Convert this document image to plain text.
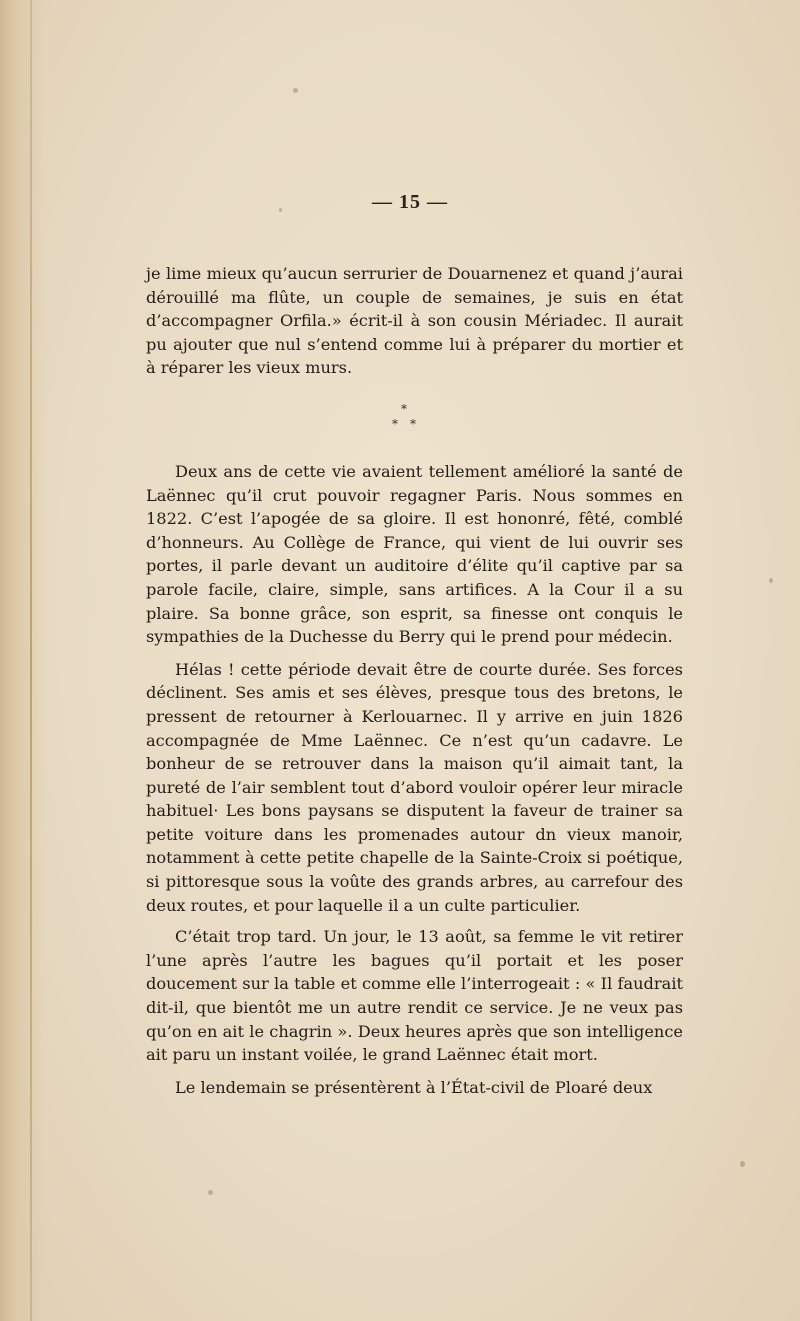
— 15 —

je lime mieux qu’aucun serrurier de Douarnenez et quand j’aurai dérouillé ma flûte, un couple de semaines, je suis en état d’accompagner Orfila.» écrit-il à son cousin Mériadec. Il aurait pu ajouter que nul s’entend comme lui à préparer du mortier et à réparer les vieux murs.

*
* *

Deux ans de cette vie avaient tellement amélioré la santé de Laënnec qu’il crut pouvoir regagner Paris. Nous sommes en 1822. C’est l’apogée de sa gloire. Il est hononré, fêté, comblé d’honneurs. Au Collège de France, qui vient de lui ouvrir ses portes, il parle devant un auditoire d’élite qu’il captive par sa parole facile, claire, simple, sans artifices. A la Cour il a su plaire. Sa bonne grâce, son esprit, sa finesse ont conquis le sympathies de la Duchesse du Berry qui le prend pour médecin.

Hélas ! cette période devait être de courte durée. Ses forces déclinent. Ses amis et ses élèves, presque tous des bretons, le pressent de retourner à Kerlouarnec. Il y arrive en juin 1826 accompagnée de Mme Laënnec. Ce n’est qu’un cadavre. Le bonheur de se retrouver dans la maison qu’il aimait tant, la pureté de l’air semblent tout d’abord vouloir opérer leur miracle habituel· Les bons paysans se disputent la faveur de trainer sa petite voiture dans les promenades autour dn vieux manoir, notamment à cette petite chapelle de la Sainte-Croix si poétique, si pittoresque sous la voûte des grands arbres, au carrefour des deux routes, et pour laquelle il a un culte particulier.

C’était trop tard. Un jour, le 13 août, sa femme le vit retirer l’une après l’autre les bagues qu’il portait et les poser doucement sur la table et comme elle l’interrogeait : « Il faudrait dit-il, que bientôt me un autre rendit ce service. Je ne veux pas qu’on en ait le chagrin ». Deux heures après que son intelligence ait paru un instant voilée, le grand Laënnec était mort.

Le lendemain se présentèrent à l’État-civil de Ploaré deux
